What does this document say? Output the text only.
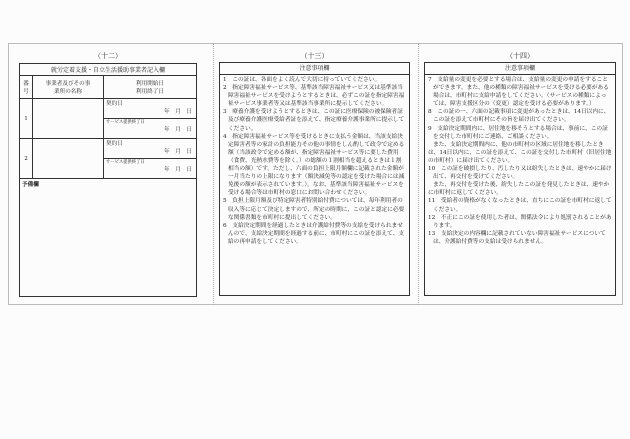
（十二）
就労定着支援・自立生活援助事業者記入欄		
番号	事業者及びその事業所の名称	利用開始日
利用終了日

1		契約日
年　月　日

		サービス提供終了日
年　月　日

2		契約日
年　月　日

		サービス提供終了日
年　月　日

予備欄		
（十三）
注意事項欄
1　この証は、各面をよく読んで大切に持っていてください。
2　指定障害福祉サービス等、基準該当障害福祉サービス又は基準該当障害福祉サービスを受けようとするときは、必ずこの証を指定障害福祉サービス事業者等又は基準該当事業所に提示してください。
3　療養介護を受けようとするときは、この証に医療保険の被保険者証及び療養介護医療受給者証を添えて、指定療養介護事業所に提示してください。
4　指定障害福祉サービス等を受けるときに支払う金額は、当該支給決定障害者等の家計の負担能力その他の事情をしん酌して政令で定める額（当該政令で定める額が、指定障害福祉サービス等に要した費用（食費、光熱水費等を除く。）の総額の１割相当を超えるときは１割相当の額）です。ただし、六面の負担上限月額欄に記載された金額が一月当たりの上限になります（額決減免等の認定を受けた場合には減免後の額が表示されています。）。なお、基準該当障害福祉サービスを受ける場合等は市町村の窓口にお問い合わせください。
5　負担上限月額及び特定障害者特別給付費については、毎年利用者の収入等に応じて決定しますので、所定の時期に、この証と認定に必要な関係書類を市町村に提出してください。
6　支給決定期間を経過したときは介護給付費等の支給を受けられませんので、支給決定期間を経過する前に、市町村にこの証を添えて、支給の再申請をしてください。
（十四）
注意事項欄
7　支給量の変更を必要とする場合は、支給量の変更の申請をすることができます。また、他の種類の障害福祉サービスを受ける必要がある場合は、市町村に支給申請をしてください。（サービスの種類によっては、障害支援区分の（変更）認定を受ける必要があります。）
8　この証の一、六面の記載事項に変更があったときは、14日以内に、この証を添えて市町村にその旨を届け出てください。
9　支給決定期間内に、居住地を移そうとする場合は、事前に、この証を交付した市町村にご連絡、ご相談ください。
また、支給決定期間内に、他の市町村の区域に居住地を移したときは、14日以内に、この証を添えて、この証を交付した市町村（旧居住地の市町村）に届け出てください。
10　この証を破損したり、汚したり又は紛失したときは、速やかに届け出て、再交付を受けてください。
また、再交付を受けた後、紛失したこの証を発見したときは、速やかに市町村に返してください。
11　受給者の資格がなくなったときは、直ちにこの証を市町村に返してください。
12　不正にこの証を使用した者は、関係法令により処罰されることがあります。
13　支給決定の内容欄に記載されていない障害福祉サービスについては、介護給付費等の支給は受けられません。
